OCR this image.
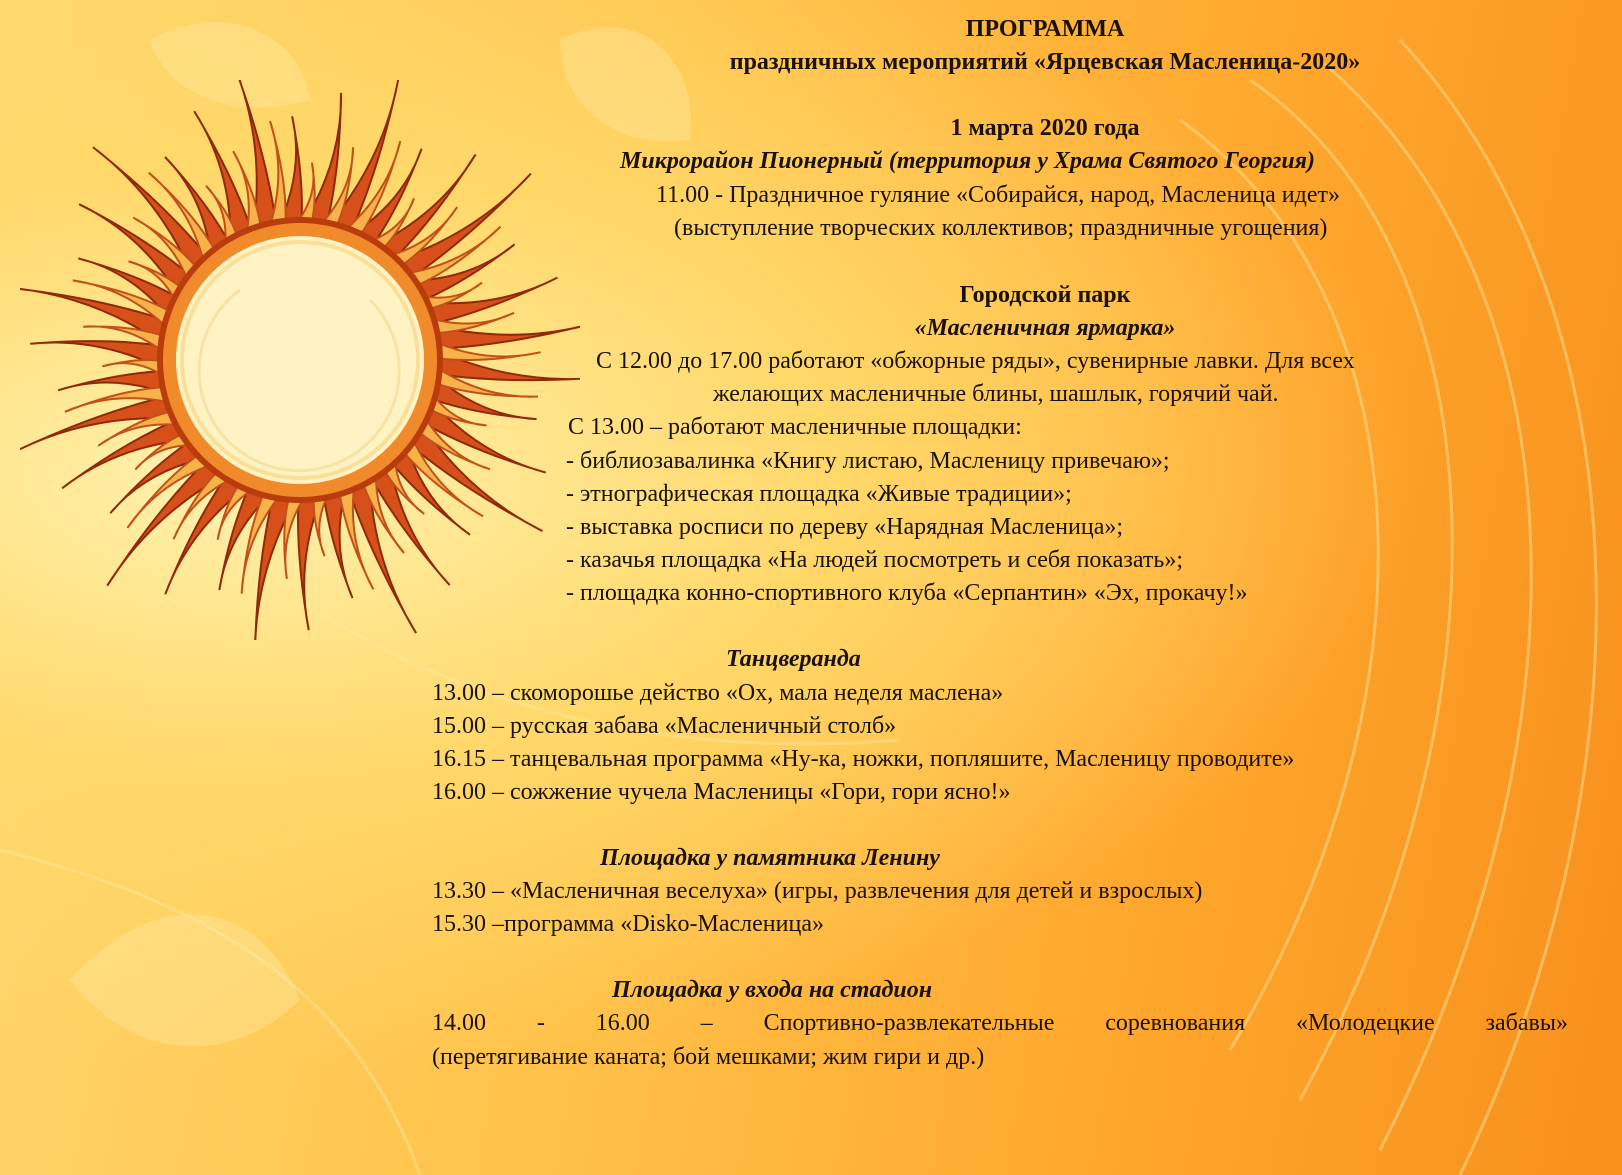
ПРОГРАММА
праздничных мероприятий «Ярцевская Масленица-2020»
1 марта 2020 года
Микрорайон Пионерный (территория у Храма Святого Георгия)
11.00 - Праздничное гуляние «Собирайся, народ, Масленица идет»
(выступление творческих коллективов; праздничные угощения)
Городской парк
«Масленичная ярмарка»
С 12.00 до 17.00 работают «обжорные ряды», сувенирные лавки. Для всех
желающих масленичные блины, шашлык, горячий чай.
С 13.00 – работают масленичные площадки:
- библиозавалинка «Книгу листаю, Масленицу привечаю»;
- этнографическая площадка «Живые традиции»;
- выставка росписи по дереву «Нарядная Масленица»;
- казачья площадка «На людей посмотреть и себя показать»;
- площадка конно-спортивного клуба «Серпантин» «Эх, прокачу!»
Танцверанда
13.00 – скоморошье действо «Ох, мала неделя маслена»
15.00 – русская забава «Масленичный столб»
16.15 – танцевальная программа «Ну-ка, ножки, попляшите, Масленицу проводите»
16.00 – сожжение чучела Масленицы «Гори, гори ясно!»
Площадка у памятника Ленину
13.30 – «Масленичная веселуха» (игры, развлечения для детей и взрослых)
15.30 –программа «Disko-Масленица»
Площадка у входа на стадион
14.00 - 16.00 – Спортивно-развлекательные соревнования «Молодецкие забавы»
(перетягивание каната; бой мешками; жим гири и др.)
